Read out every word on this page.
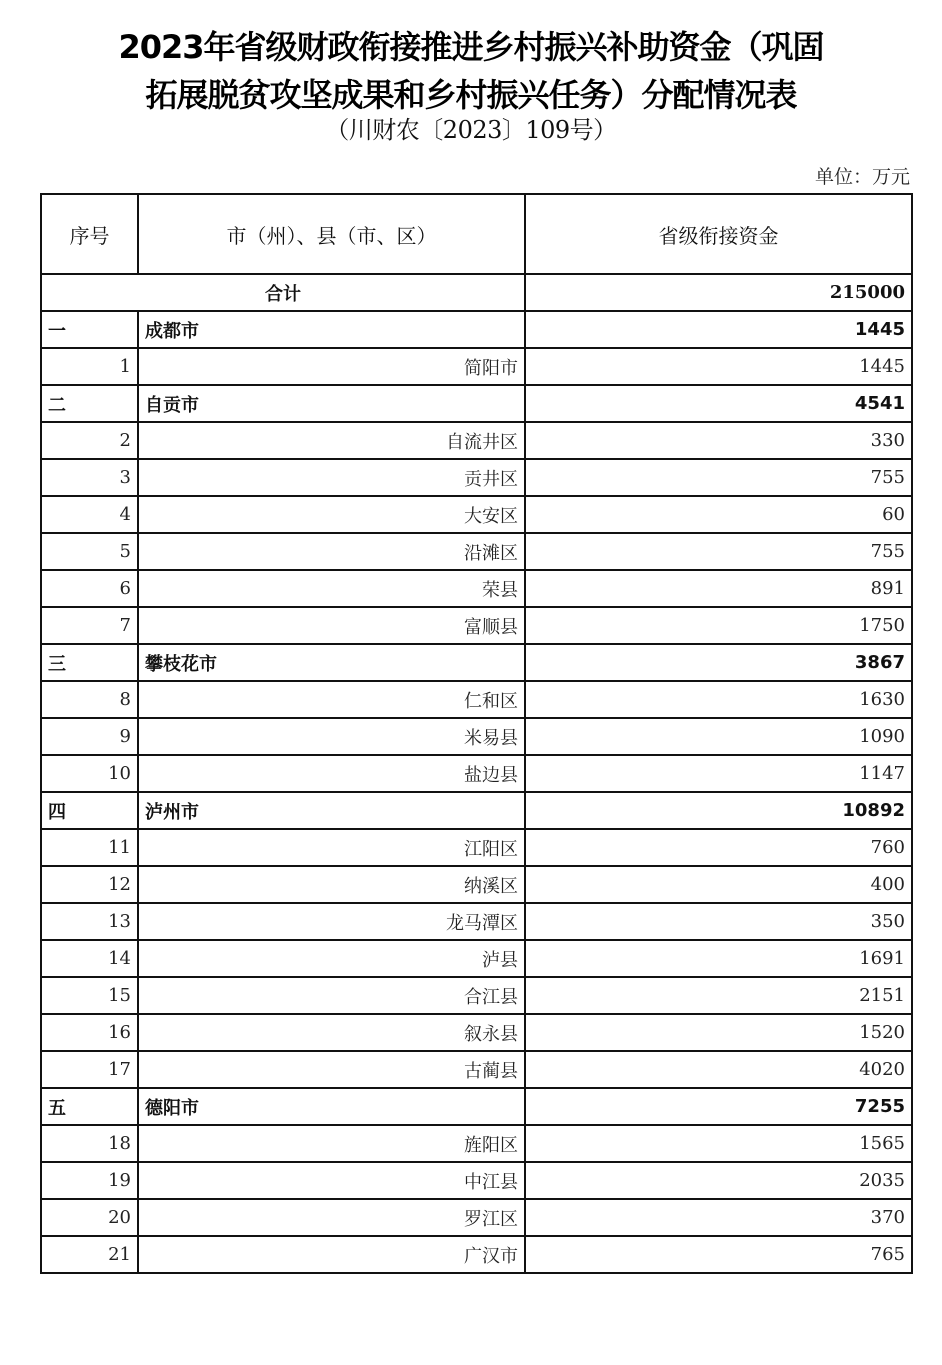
2023年省级财政衔接推进乡村振兴补助资金（巩固
拓展脱贫攻坚成果和乡村振兴任务）分配情况表
（川财农〔2023〕109号）
单位：万元
序号	市（州）、县（市、区）	省级衔接资金
合计		215000
一	成都市	1445
1	简阳市	1445
二	自贡市	4541
2	自流井区	330
3	贡井区	755
4	大安区	60
5	沿滩区	755
6	荣县	891
7	富顺县	1750
三	攀枝花市	3867
8	仁和区	1630
9	米易县	1090
10	盐边县	1147
四	泸州市	10892
11	江阳区	760
12	纳溪区	400
13	龙马潭区	350
14	泸县	1691
15	合江县	2151
16	叙永县	1520
17	古蔺县	4020
五	德阳市	7255
18	旌阳区	1565
19	中江县	2035
20	罗江区	370
21	广汉市	765
